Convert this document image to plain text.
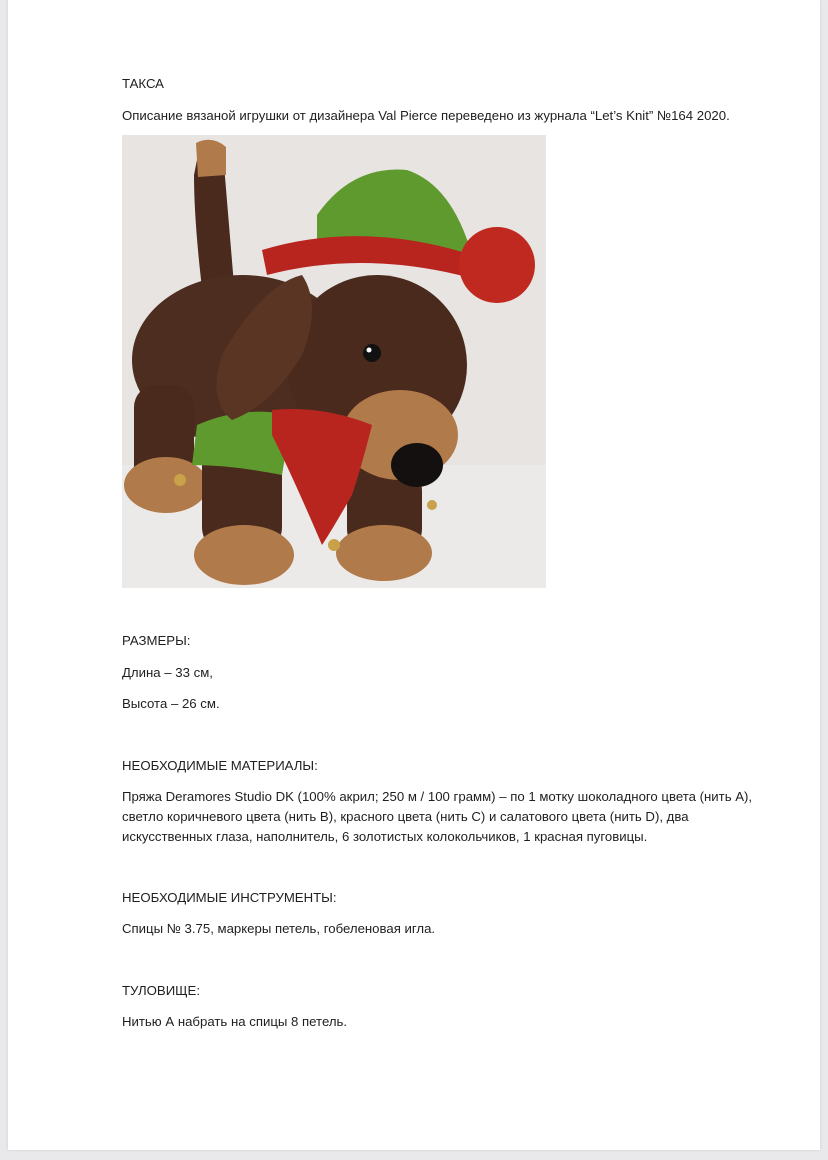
ТАКСА

Описание вязаной игрушки от дизайнера Val Pierce переведено из журнала “Let’s Knit” №164 2020.

РАЗМЕРЫ:

Длина – 33 см,

Высота – 26 см.

НЕОБХОДИМЫЕ МАТЕРИАЛЫ:

Пряжа Deramores Studio DK (100% акрил; 250 м / 100 грамм) – по 1 мотку шоколадного цвета (нить A), светло коричневого цвета (нить B), красного цвета (нить C) и салатового цвета (нить D), два искусственных глаза, наполнитель, 6 золотистых колокольчиков, 1 красная пуговицы.

НЕОБХОДИМЫЕ ИНСТРУМЕНТЫ:

Спицы № 3.75, маркеры петель, гобеленовая игла.

ТУЛОВИЩЕ:

Нитью А набрать на спицы 8 петель.
